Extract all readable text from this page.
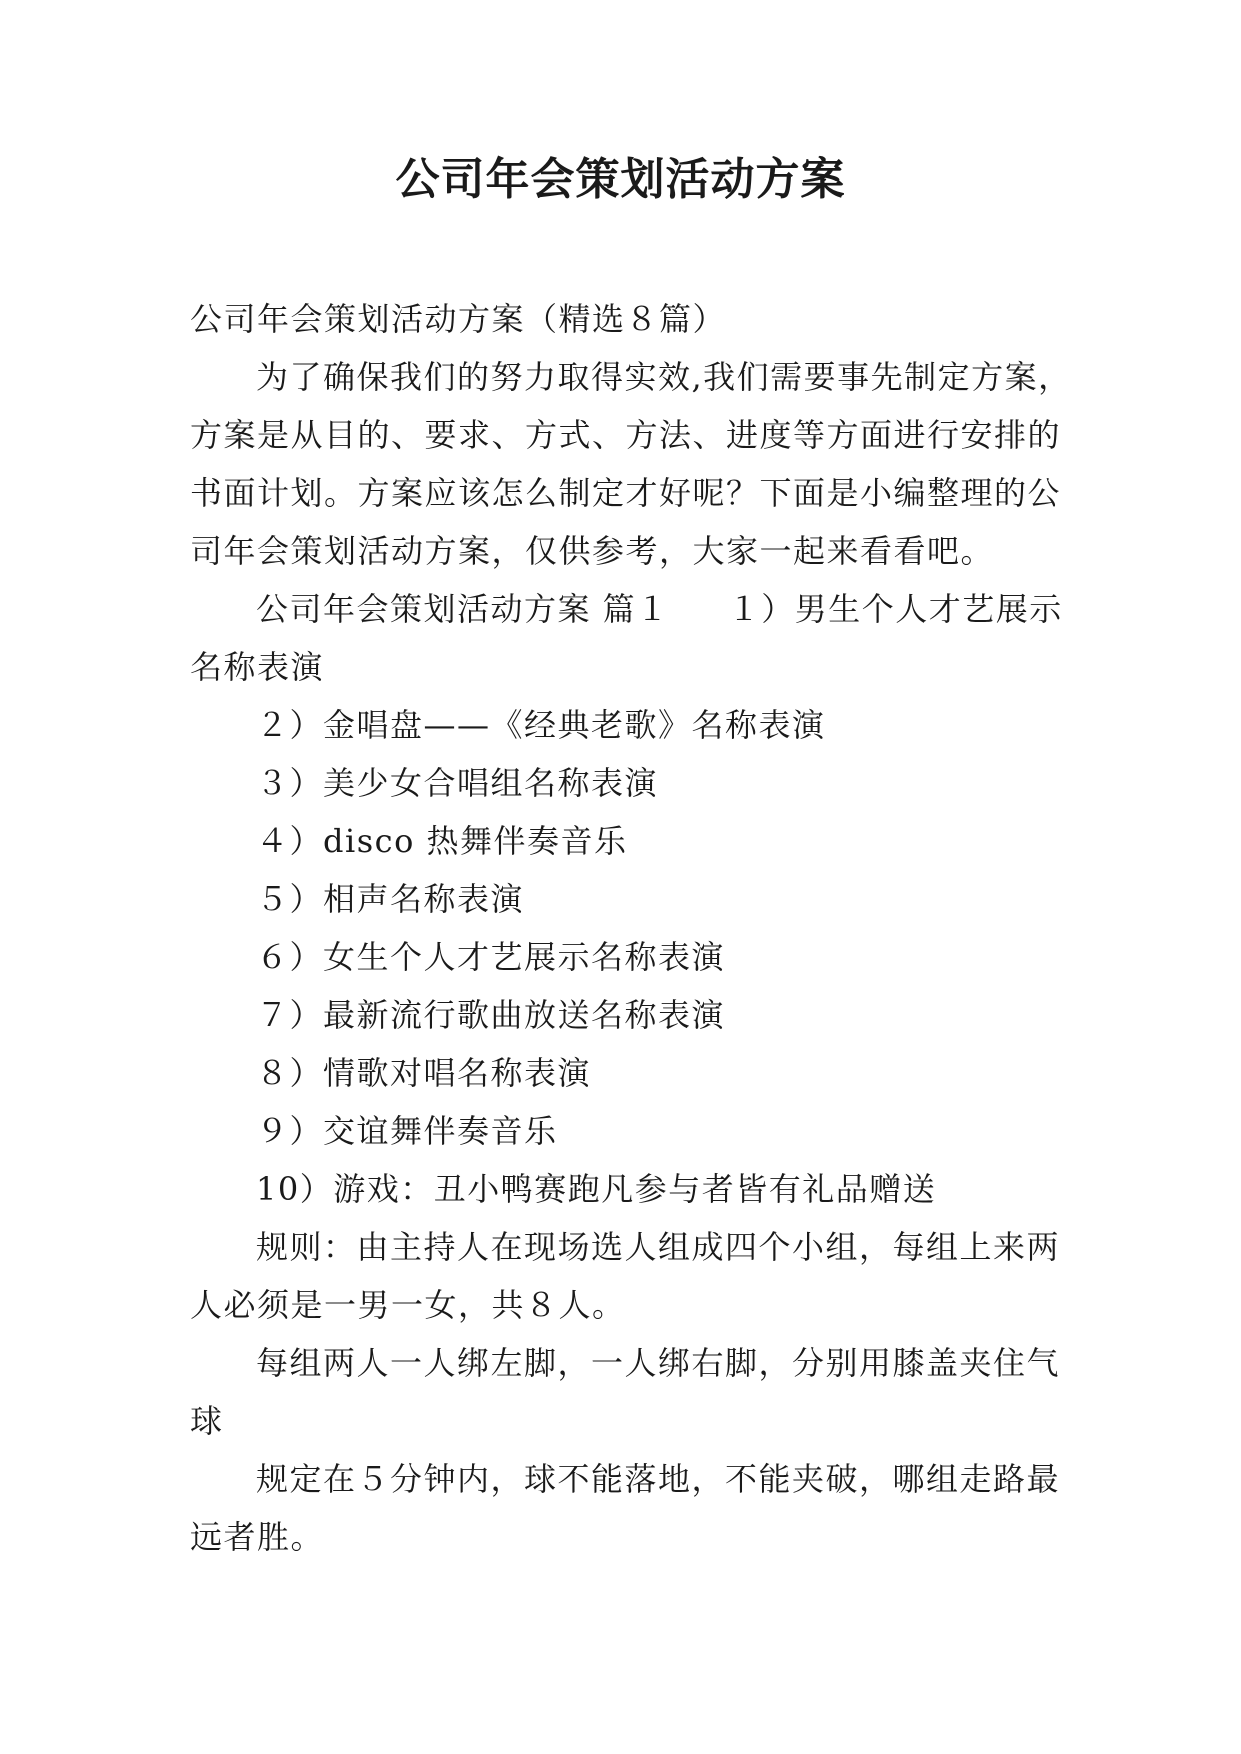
公司年会策划活动方案
公司年会策划活动方案（精选８篇）
为了确保我们的努力取得实效,我们需要事先制定方案，
方案是从目的、要求、方式、方法、进度等方面进行安排的
书面计划。方案应该怎么制定才好呢？下面是小编整理的公
司年会策划活动方案，仅供参考，大家一起来看看吧。
公司年会策划活动方案 篇１ １）男生个人才艺展示
名称表演
２）金唱盘——《经典老歌》名称表演
３）美少女合唱组名称表演
４）disco 热舞伴奏音乐
５）相声名称表演
６）女生个人才艺展示名称表演
７）最新流行歌曲放送名称表演
８）情歌对唱名称表演
９）交谊舞伴奏音乐
10）游戏：丑小鸭赛跑凡参与者皆有礼品赠送
规则：由主持人在现场选人组成四个小组，每组上来两
人必须是一男一女，共８人。
每组两人一人绑左脚，一人绑右脚，分别用膝盖夹住气
球
规定在５分钟内，球不能落地，不能夹破，哪组走路最
远者胜。
